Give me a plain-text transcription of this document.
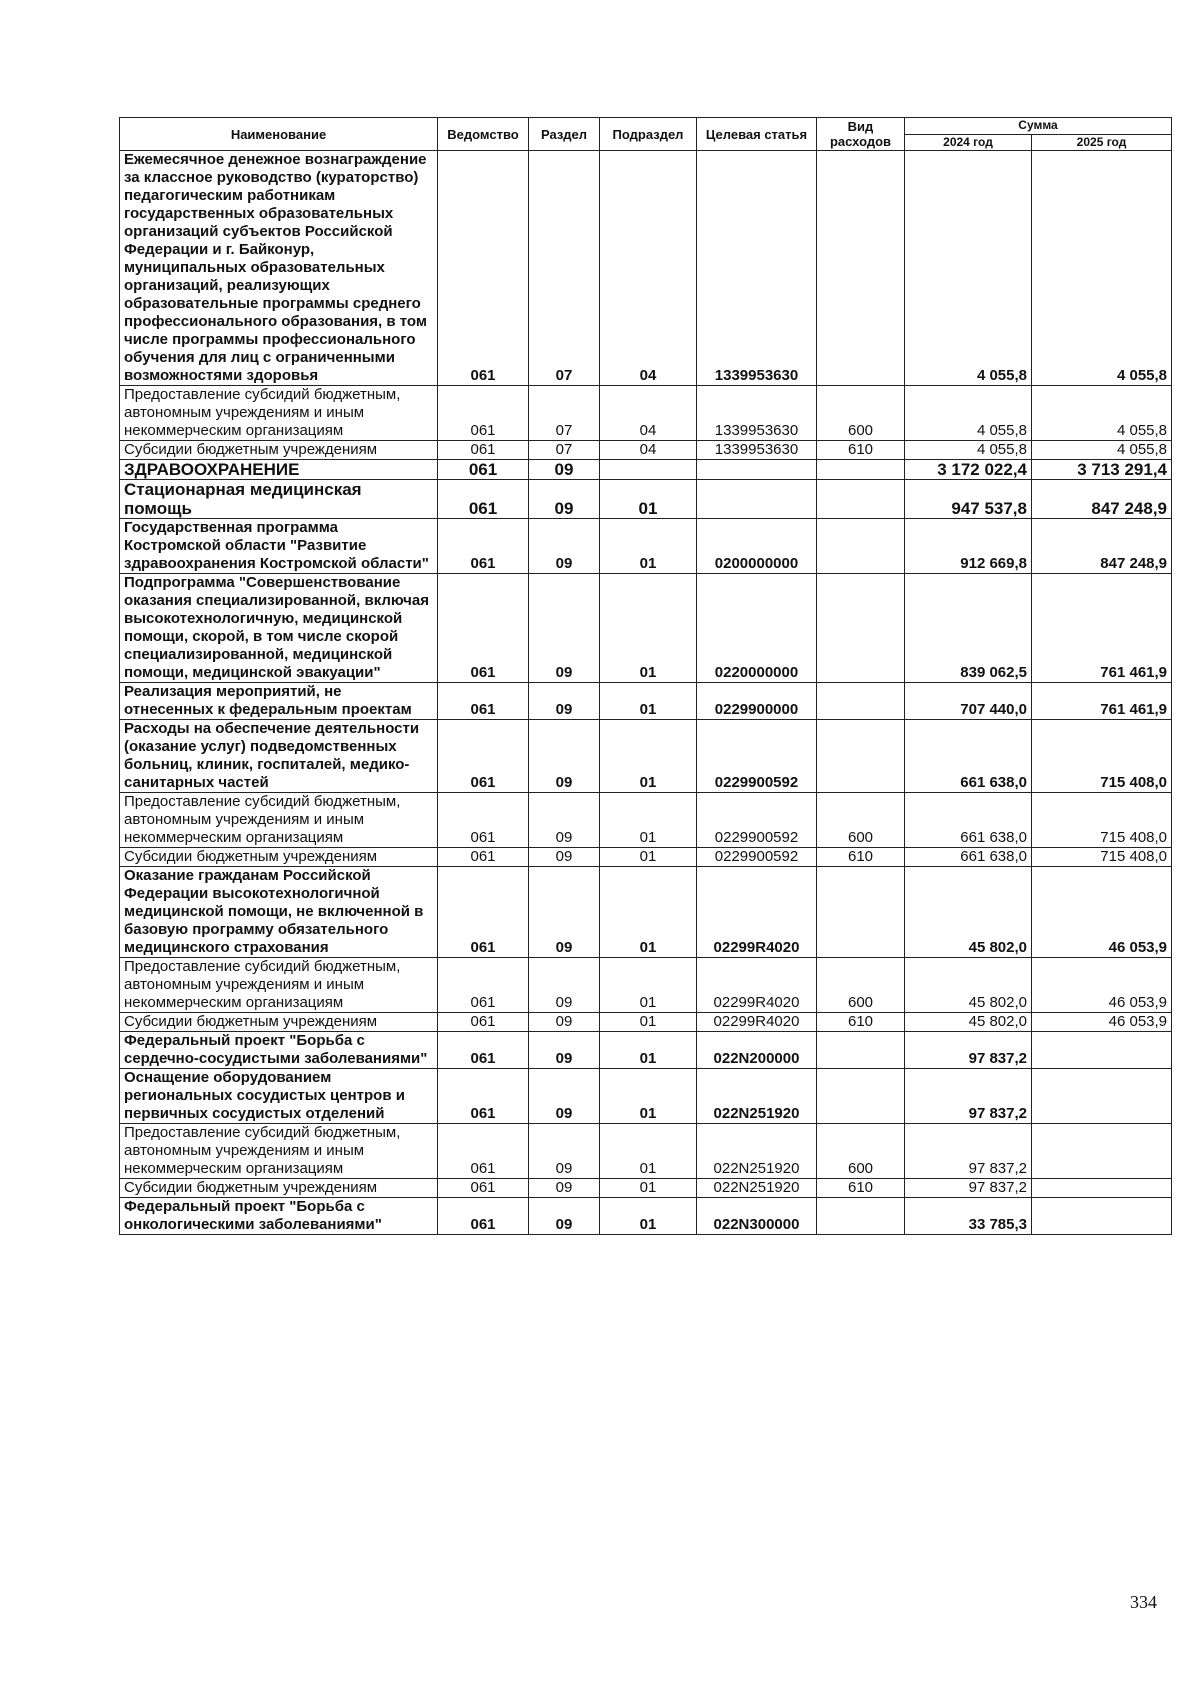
Наименование	Ведомство	Раздел	Подраздел	Целевая статья	Вид расходов	Сумма	
						2024 год	2025 год
Ежемесячное денежное вознаграждение за классное руководство (кураторство) педагогическим работникам государственных образовательных организаций субъектов Российской Федерации и г. Байконур, муниципальных образовательных организаций, реализующих образовательные программы среднего профессионального образования, в том числе программы профессионального обучения для лиц с ограниченными возможностями здоровья	061	07	04	1339953630		4 055,8	4 055,8
Предоставление субсидий бюджетным, автономным учреждениям и иным некоммерческим организациям	061	07	04	1339953630	600	4 055,8	4 055,8
Субсидии бюджетным учреждениям	061	07	04	1339953630	610	4 055,8	4 055,8
ЗДРАВООХРАНЕНИЕ	061	09				3 172 022,4	3 713 291,4
Стационарная медицинская помощь	061	09	01			947 537,8	847 248,9
Государственная программа Костромской области "Развитие здравоохранения Костромской области"	061	09	01	0200000000		912 669,8	847 248,9
Подпрограмма "Совершенствование оказания специализированной, включая высокотехнологичную, медицинской помощи, скорой, в том числе скорой специализированной, медицинской помощи, медицинской эвакуации"	061	09	01	0220000000		839 062,5	761 461,9
Реализация мероприятий, не отнесенных к федеральным проектам	061	09	01	0229900000		707 440,0	761 461,9
Расходы на обеспечение деятельности (оказание услуг) подведомственных больниц, клиник, госпиталей, медико-санитарных частей	061	09	01	0229900592		661 638,0	715 408,0
Предоставление субсидий бюджетным, автономным учреждениям и иным некоммерческим организациям	061	09	01	0229900592	600	661 638,0	715 408,0
Субсидии бюджетным учреждениям	061	09	01	0229900592	610	661 638,0	715 408,0
Оказание гражданам Российской Федерации высокотехнологичной медицинской помощи, не включенной в базовую программу обязательного медицинского страхования	061	09	01	02299R4020		45 802,0	46 053,9
Предоставление субсидий бюджетным, автономным учреждениям и иным некоммерческим организациям	061	09	01	02299R4020	600	45 802,0	46 053,9
Субсидии бюджетным учреждениям	061	09	01	02299R4020	610	45 802,0	46 053,9
Федеральный проект "Борьба с сердечно-сосудистыми заболеваниями"	061	09	01	022N200000		97 837,2	
Оснащение оборудованием региональных сосудистых центров и первичных сосудистых отделений	061	09	01	022N251920		97 837,2	
Предоставление субсидий бюджетным, автономным учреждениям и иным некоммерческим организациям	061	09	01	022N251920	600	97 837,2	
Субсидии бюджетным учреждениям	061	09	01	022N251920	610	97 837,2	
Федеральный проект "Борьба с онкологическими заболеваниями"	061	09	01	022N300000		33 785,3	
334
